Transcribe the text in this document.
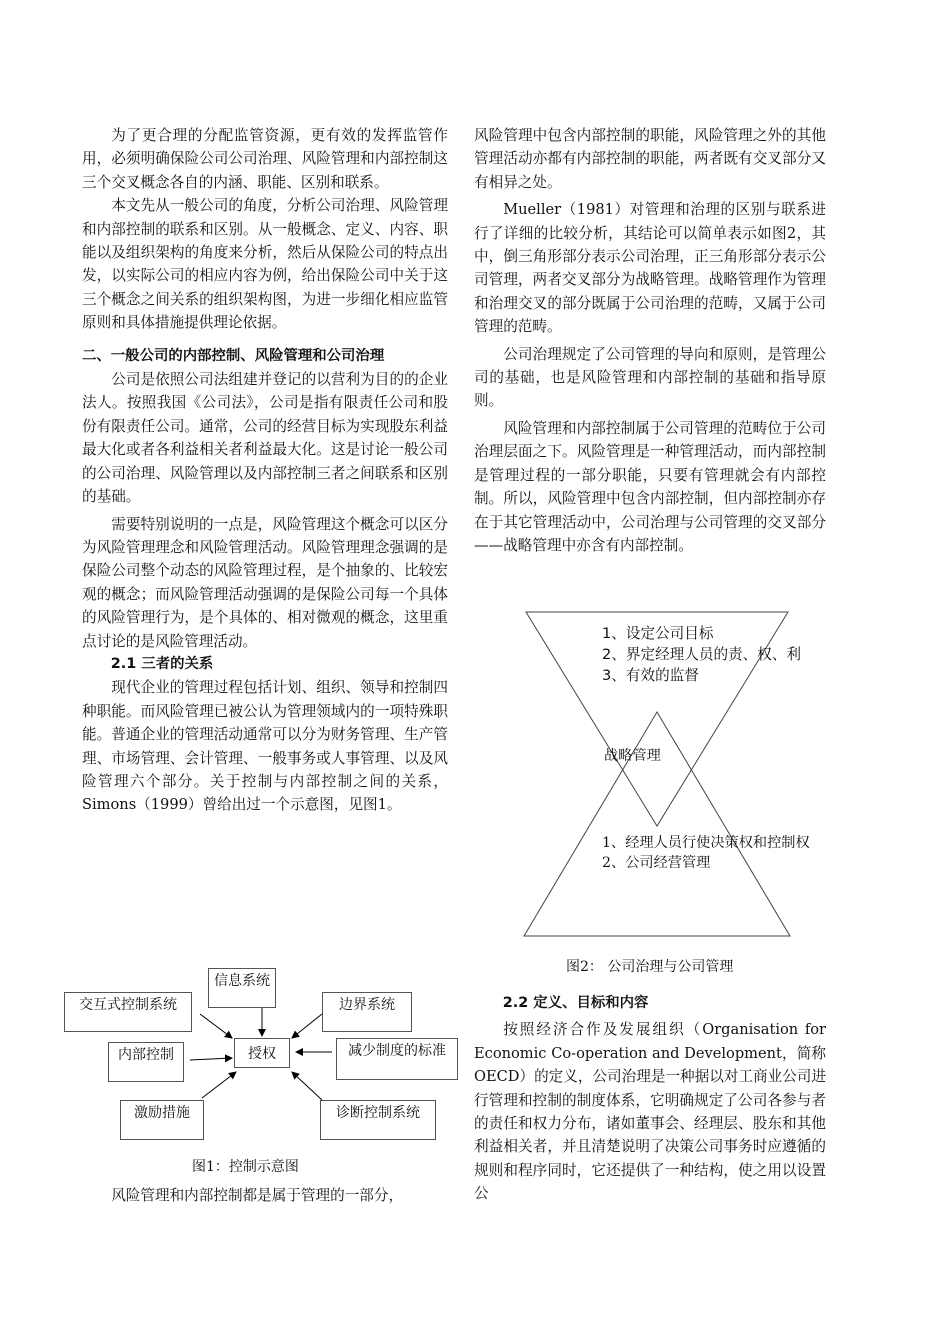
为了更合理的分配监管资源，更有效的发挥监管作用，必须明确保险公司公司治理、风险管理和内部控制这三个交叉概念各自的内涵、职能、区别和联系。

本文先从一般公司的角度，分析公司治理、风险管理和内部控制的联系和区别。从一般概念、定义、内容、职能以及组织架构的角度来分析，然后从保险公司的特点出发，以实际公司的相应内容为例，给出保险公司中关于这三个概念之间关系的组织架构图，为进一步细化相应监管原则和具体措施提供理论依据。

二、一般公司的内部控制、风险管理和公司治理

公司是依照公司法组建并登记的以营利为目的的企业法人。按照我国《公司法》，公司是指有限责任公司和股份有限责任公司。通常，公司的经营目标为实现股东利益最大化或者各利益相关者利益最大化。这是讨论一般公司的公司治理、风险管理以及内部控制三者之间联系和区别的基础。

需要特别说明的一点是，风险管理这个概念可以区分为风险管理理念和风险管理活动。风险管理理念强调的是保险公司整个动态的风险管理过程，是个抽象的、比较宏观的概念；而风险管理活动强调的是保险公司每一个具体的风险管理行为，是个具体的、相对微观的概念，这里重点讨论的是风险管理活动。

2.1 三者的关系

现代企业的管理过程包括计划、组织、领导和控制四种职能。而风险管理已被公认为管理领域内的一项特殊职能。普通企业的管理活动通常可以分为财务管理、生产管理、市场管理、会计管理、一般事务或人事管理、以及风险管理六个部分。关于控制与内部控制之间的关系，Simons（1999）曾给出过一个示意图，见图1。

信息系统
交互式控制系统	边界系统
授权
内部控制	减少制度的标准
激励措施	诊断控制系统
图1：控制示意图
风险管理和内部控制都是属于管理的一部分，

风险管理中包含内部控制的职能，风险管理之外的其他管理活动亦都有内部控制的职能，两者既有交叉部分又有相异之处。

Mueller（1981）对管理和治理的区别与联系进行了详细的比较分析，其结论可以简单表示如图2，其中，倒三角形部分表示公司治理，正三角形部分表示公司管理，两者交叉部分为战略管理。战略管理作为管理和治理交叉的部分既属于公司治理的范畴，又属于公司管理的范畴。

公司治理规定了公司管理的导向和原则，是管理公司的基础，也是风险管理和内部控制的基础和指导原则。

风险管理和内部控制属于公司管理的范畴位于公司治理层面之下。风险管理是一种管理活动，而内部控制是管理过程的一部分职能，只要有管理就会有内部控制。所以，风险管理中包含内部控制，但内部控制亦存在于其它管理活动中，公司治理与公司管理的交叉部分——战略管理中亦含有内部控制。

1、设定公司目标
2、界定经理人员的责、权、利
3、有效的监督
战略管理
1、经理人员行使决策权和控制权
2、公司经营管理
图2： 公司治理与公司管理
2.2 定义、目标和内容

按照经济合作及发展组织（Organisation for Economic Co-operation and Development，简称OECD）的定义，公司治理是一种据以对工商业公司进行管理和控制的制度体系，它明确规定了公司各参与者的责任和权力分布，诸如董事会、经理层、股东和其他利益相关者，并且清楚说明了决策公司事务时应遵循的规则和程序同时，它还提供了一种结构，使之用以设置公
